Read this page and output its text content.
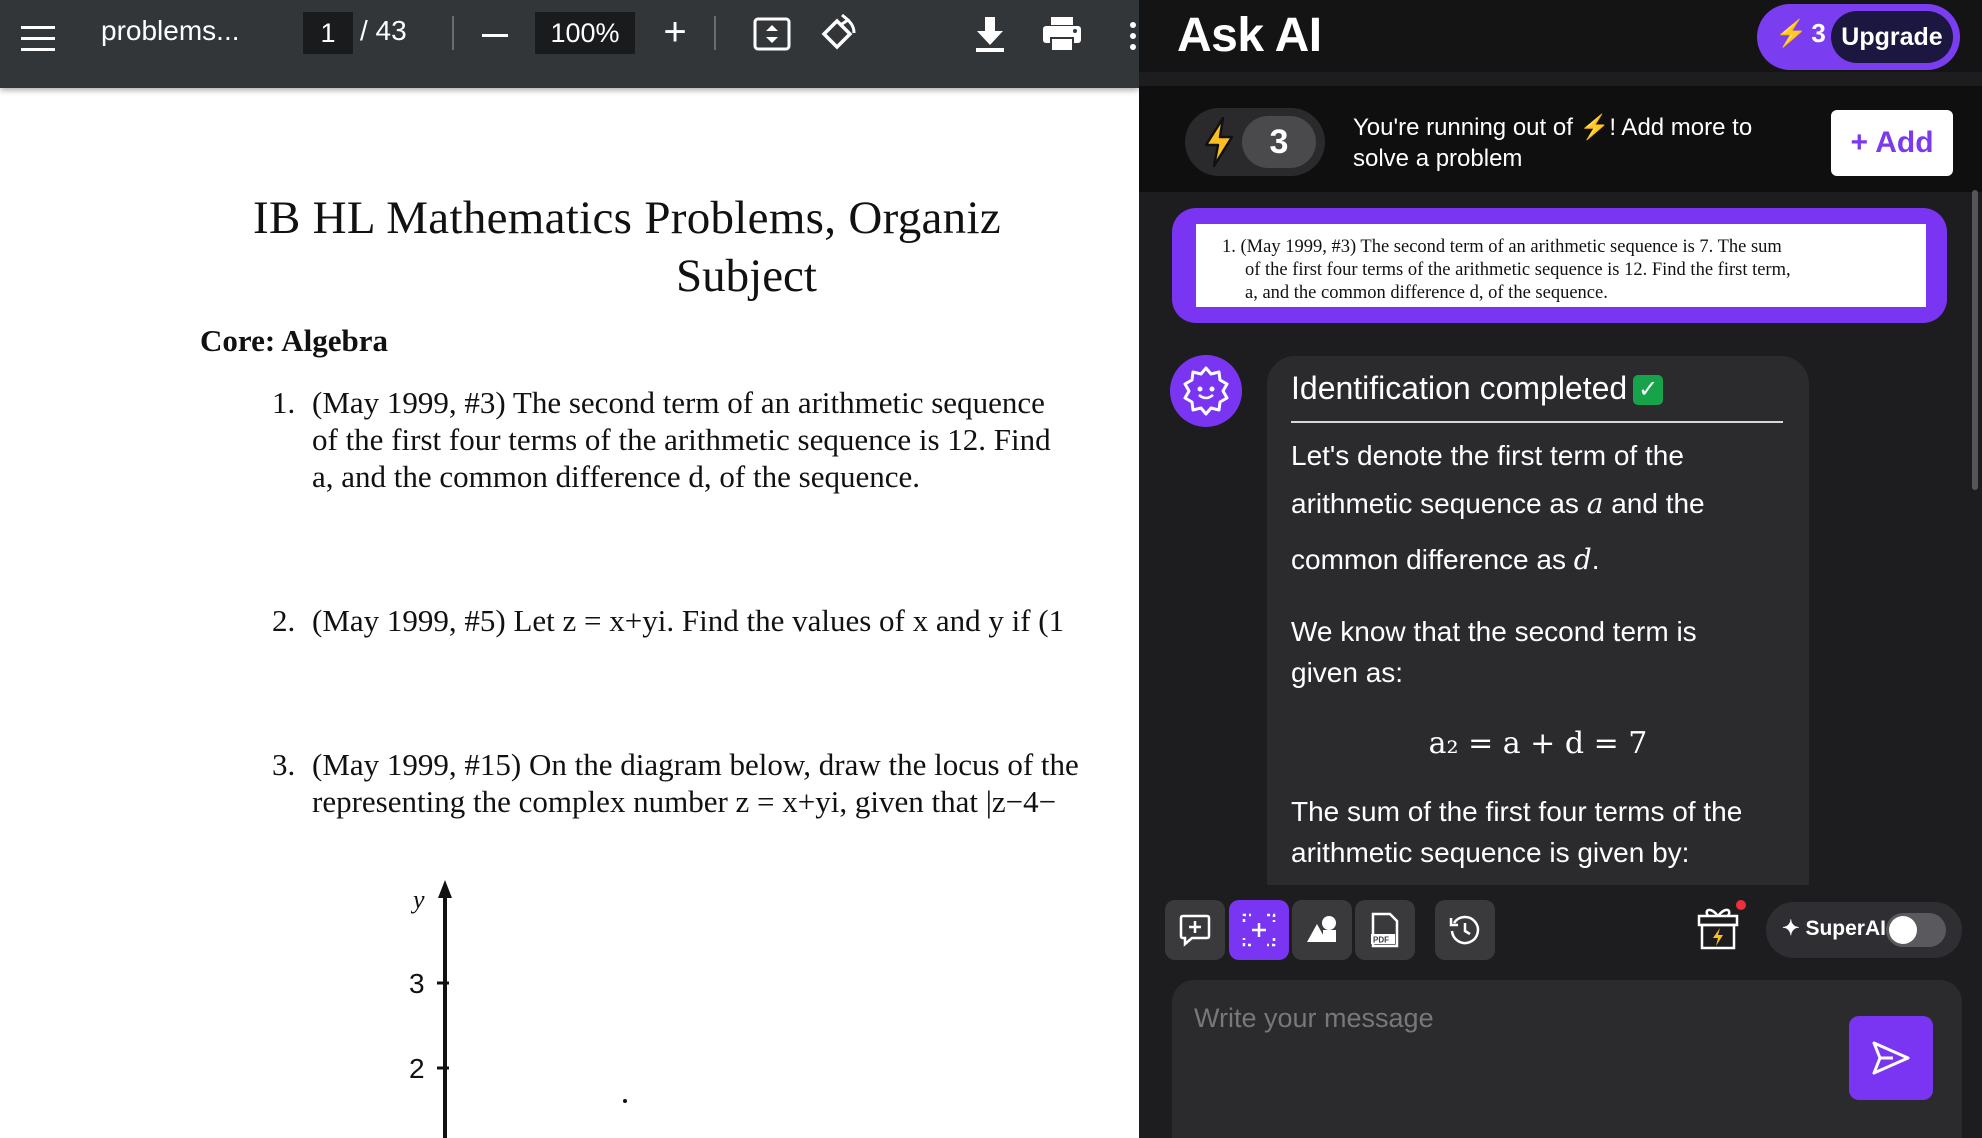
problems...
1	/ 43
100%	+
IB HL Mathematics Problems, Organiz
Subject
Core: Algebra
1. (May 1999, #3) The second term of an arithmetic sequence
of the first four terms of the arithmetic sequence is 12. Find
a, and the common difference d, of the sequence.
2. (May 1999, #5) Let z = x+yi. Find the values of x and y if (1
3. (May 1999, #15) On the diagram below, draw the locus of the
representing the complex number z = x+yi, given that |z−4−
y
3
2
Ask AI	⚡ 3 Upgrade
3	You're running out of ⚡! Add more to
solve a problem	+ Add
1. (May 1999, #3) The second term of an arithmetic sequence is 7. The sum
of the first four terms of the arithmetic sequence is 12. Find the first term,
a, and the common difference d, of the sequence.
Identification completed ✓
Let's denote the first term of the
arithmetic sequence as a and the
common difference as d.
We know that the second term is
given as:
a₂ = a + d = 7
The sum of the first four terms of the
arithmetic sequence is given by:
PDF	✦ SuperAI
Write your message
